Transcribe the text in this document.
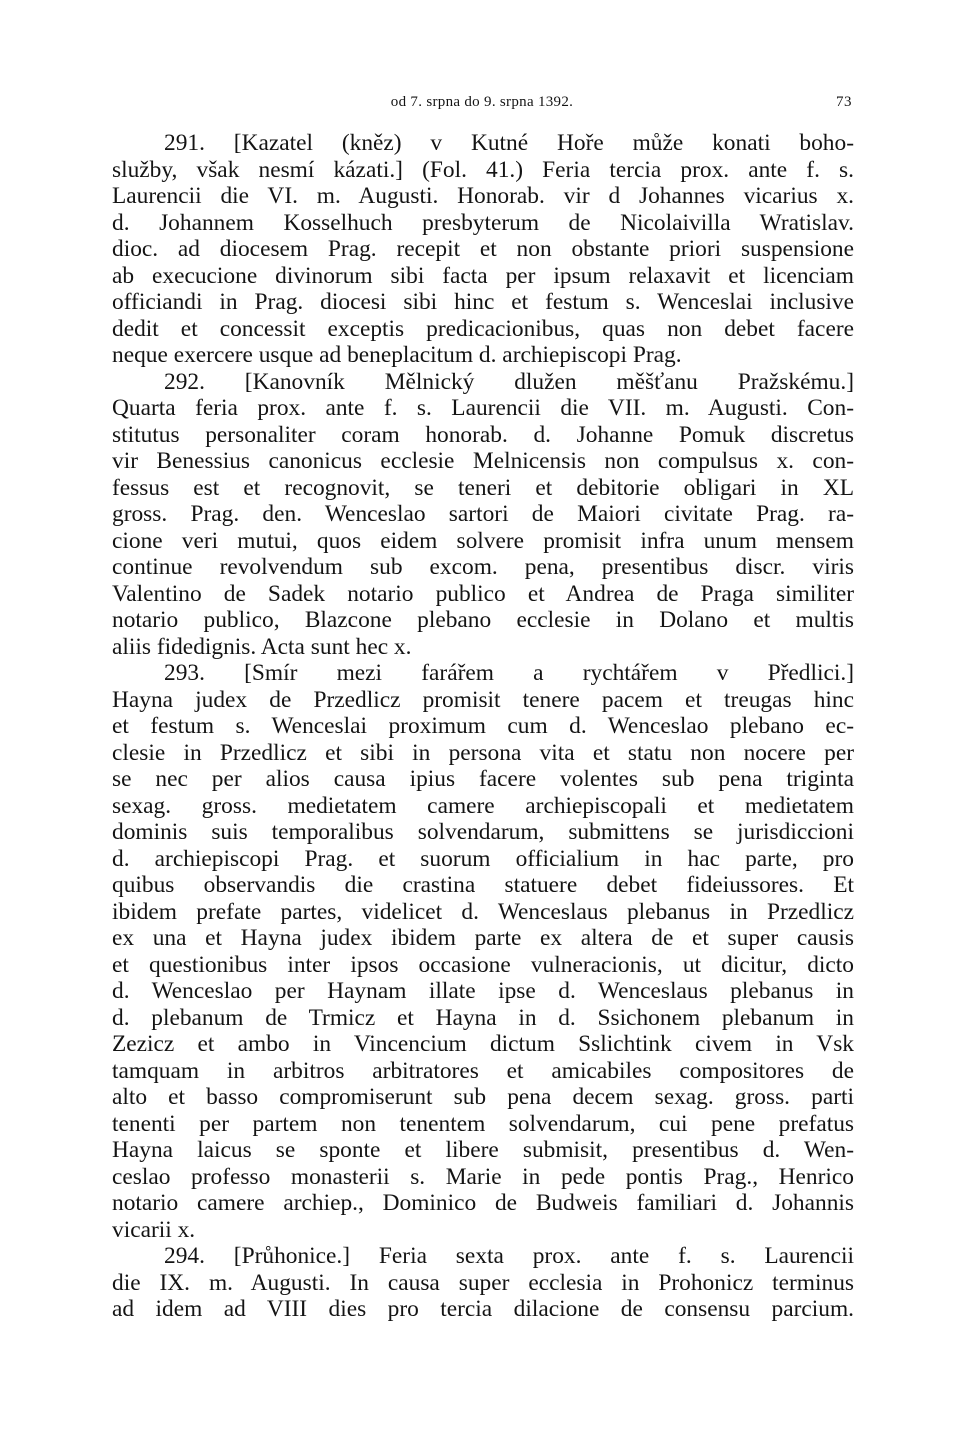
od 7. srpna do 9. srpna 1392.	73
291. [Kazatel (kněz) v Kutné Hoře může konati boho-
služby, však nesmí kázati.] (Fol. 41.) Feria tercia prox. ante f. s.
Laurencii die VI. m. Augusti. Honorab. vir d Johannes vicarius x.
d. Johannem Kosselhuch presbyterum de Nicolaivilla Wratislav.
dioc. ad diocesem Prag. recepit et non obstante priori suspensione
ab execucione divinorum sibi facta per ipsum relaxavit et licenciam
officiandi in Prag. diocesi sibi hinc et festum s. Wenceslai inclusive
dedit et concessit exceptis predicacionibus, quas non debet facere
neque exercere usque ad beneplacitum d. archiepiscopi Prag.
292. [Kanovník Mělnický dlužen měšťanu Pražskému.]
Quarta feria prox. ante f. s. Laurencii die VII. m. Augusti. Con-
stitutus personaliter coram honorab. d. Johanne Pomuk discretus
vir Benessius canonicus ecclesie Melnicensis non compulsus x. con-
fessus est et recognovit, se teneri et debitorie obligari in XL
gross. Prag. den. Wenceslao sartori de Maiori civitate Prag. ra-
cione veri mutui, quos eidem solvere promisit infra unum mensem
continue revolvendum sub excom. pena, presentibus discr. viris
Valentino de Sadek notario publico et Andrea de Praga similiter
notario publico, Blazcone plebano ecclesie in Dolano et multis
aliis fidedignis. Acta sunt hec x.
293. [Smír mezi farářem a rychtářem v Předlici.]
Hayna judex de Przedlicz promisit tenere pacem et treugas hinc
et festum s. Wenceslai proximum cum d. Wenceslao plebano ec-
clesie in Przedlicz et sibi in persona vita et statu non nocere per
se nec per alios causa ipius facere volentes sub pena triginta
sexag. gross. medietatem camere archiepiscopali et medietatem
dominis suis temporalibus solvendarum, submittens se jurisdiccioni
d. archiepiscopi Prag. et suorum officialium in hac parte, pro
quibus observandis die crastina statuere debet fideiussores. Et
ibidem prefate partes, videlicet d. Wenceslaus plebanus in Przedlicz
ex una et Hayna judex ibidem parte ex altera de et super causis
et questionibus inter ipsos occasione vulneracionis, ut dicitur, dicto
d. Wenceslao per Haynam illate ipse d. Wenceslaus plebanus in
d. plebanum de Trmicz et Hayna in d. Ssichonem plebanum in
Zezicz et ambo in Vincencium dictum Sslichtink civem in Vsk
tamquam in arbitros arbitratores et amicabiles compositores de
alto et basso compromiserunt sub pena decem sexag. gross. parti
tenenti per partem non tenentem solvendarum, cui pene prefatus
Hayna laicus se sponte et libere submisit, presentibus d. Wen-
ceslao professo monasterii s. Marie in pede pontis Prag., Henrico
notario camere archiep., Dominico de Budweis familiari d. Johannis
vicarii x.
294. [Průhonice.] Feria sexta prox. ante f. s. Laurencii
die IX. m. Augusti. In causa super ecclesia in Prohonicz terminus
ad idem ad VIII dies pro tercia dilacione de consensu parcium.
